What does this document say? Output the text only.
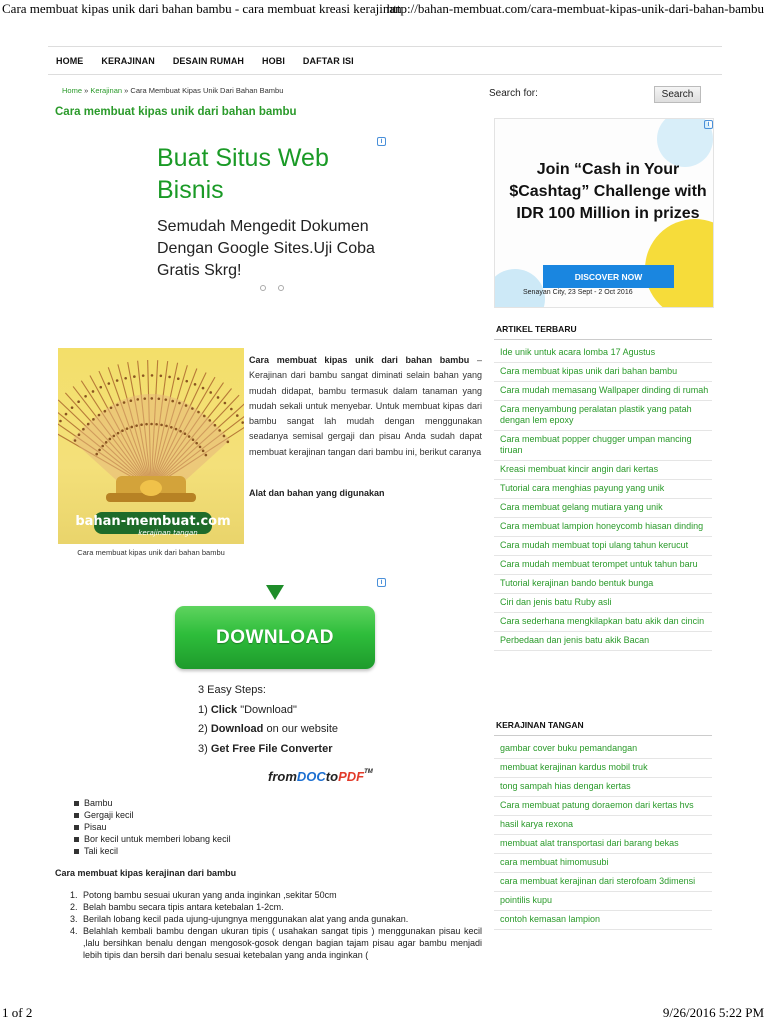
Cara membuat kipas unik dari bahan bambu - cara membuat kreasi kerajinan
http://bahan-membuat.com/cara-membuat-kipas-unik-dari-bahan-bambu
HOME KERAJINAN DESAIN RUMAH HOBI DAFTAR ISI
Home » Kerajinan » Cara Membuat Kipas Unik Dari Bahan Bambu
Cara membuat kipas unik dari bahan bambu
Buat Situs Web Bisnis
Semudah Mengedit Dokumen Dengan Google Sites.Uji Coba Gratis Skrg!
i
bahan-membuat.com
kerajinan tangan
Cara membuat kipas unik dari bahan bambu

Cara membuat kipas unik dari bahan bambu – Kerajinan dari bambu sangat diminati selain bahan yang mudah didapat, bambu termasuk dalam tanaman yang mudah sekali untuk menyebar. Untuk membuat kipas dari bambu sangat lah mudah dengan menggunakan seadanya semisal gergaji dan pisau Anda sudah dapat membuat kerajinan tangan dari bambu ini, berikut caranya

Alat dan bahan yang digunakan
i
DOWNLOAD
3 Easy Steps:
1) Click "Download"
2) Download on our website
3) Get Free File Converter
fromDOCtoPDF™
Bambu
Gergaji kecil
Pisau
Bor kecil untuk memberi lobang kecil
Tali kecil
Cara membuat kipas kerajinan dari bambu
1. Potong bambu sesuai ukuran yang anda inginkan ,sekitar 50cm
2. Belah bambu secara tipis antara ketebalan 1-2cm.
3. Berilah lobang kecil pada ujung-ujungnya menggunakan alat yang anda gunakan.
4. Belahlah kembali bambu dengan ukuran tipis ( usahakan sangat tipis ) menggunakan pisau kecil ,lalu bersihkan benalu dengan mengosok-gosok dengan bagian tajam pisau agar bambu menjadi lebih tipis dan bersih dari benalu sesuai ketebalan yang anda inginkan (
Search for:	Search
Join “Cash in Your $Cashtag” Challenge with IDR 100 Million in prizes
DISCOVER NOW
Senayan City, 23 Sept - 2 Oct 2016
i
ARTIKEL TERBARU
Ide unik untuk acara lomba 17 Agustus
Cara membuat kipas unik dari bahan bambu
Cara mudah memasang Wallpaper dinding di rumah
Cara menyambung peralatan plastik yang patah dengan lem epoxy
Cara membuat popper chugger umpan mancing tiruan
Kreasi membuat kincir angin dari kertas
Tutorial cara menghias payung yang unik
Cara membuat gelang mutiara yang unik
Cara membuat lampion honeycomb hiasan dinding
Cara mudah membuat topi ulang tahun kerucut
Cara mudah membuat terompet untuk tahun baru
Tutorial kerajinan bando bentuk bunga
Ciri dan jenis batu Ruby asli
Cara sederhana mengkilapkan batu akik dan cincin
Perbedaan dan jenis batu akik Bacan
KERAJINAN TANGAN
gambar cover buku pemandangan
membuat kerajinan kardus mobil truk
tong sampah hias dengan kertas
Cara membuat patung doraemon dari kertas hvs
hasil karya rexona
membuat alat transportasi dari barang bekas
cara membuat himomusubi
cara membuat kerajinan dari sterofoam 3dimensi
pointilis kupu
contoh kemasan lampion
1 of 2	9/26/2016 5:22 PM
